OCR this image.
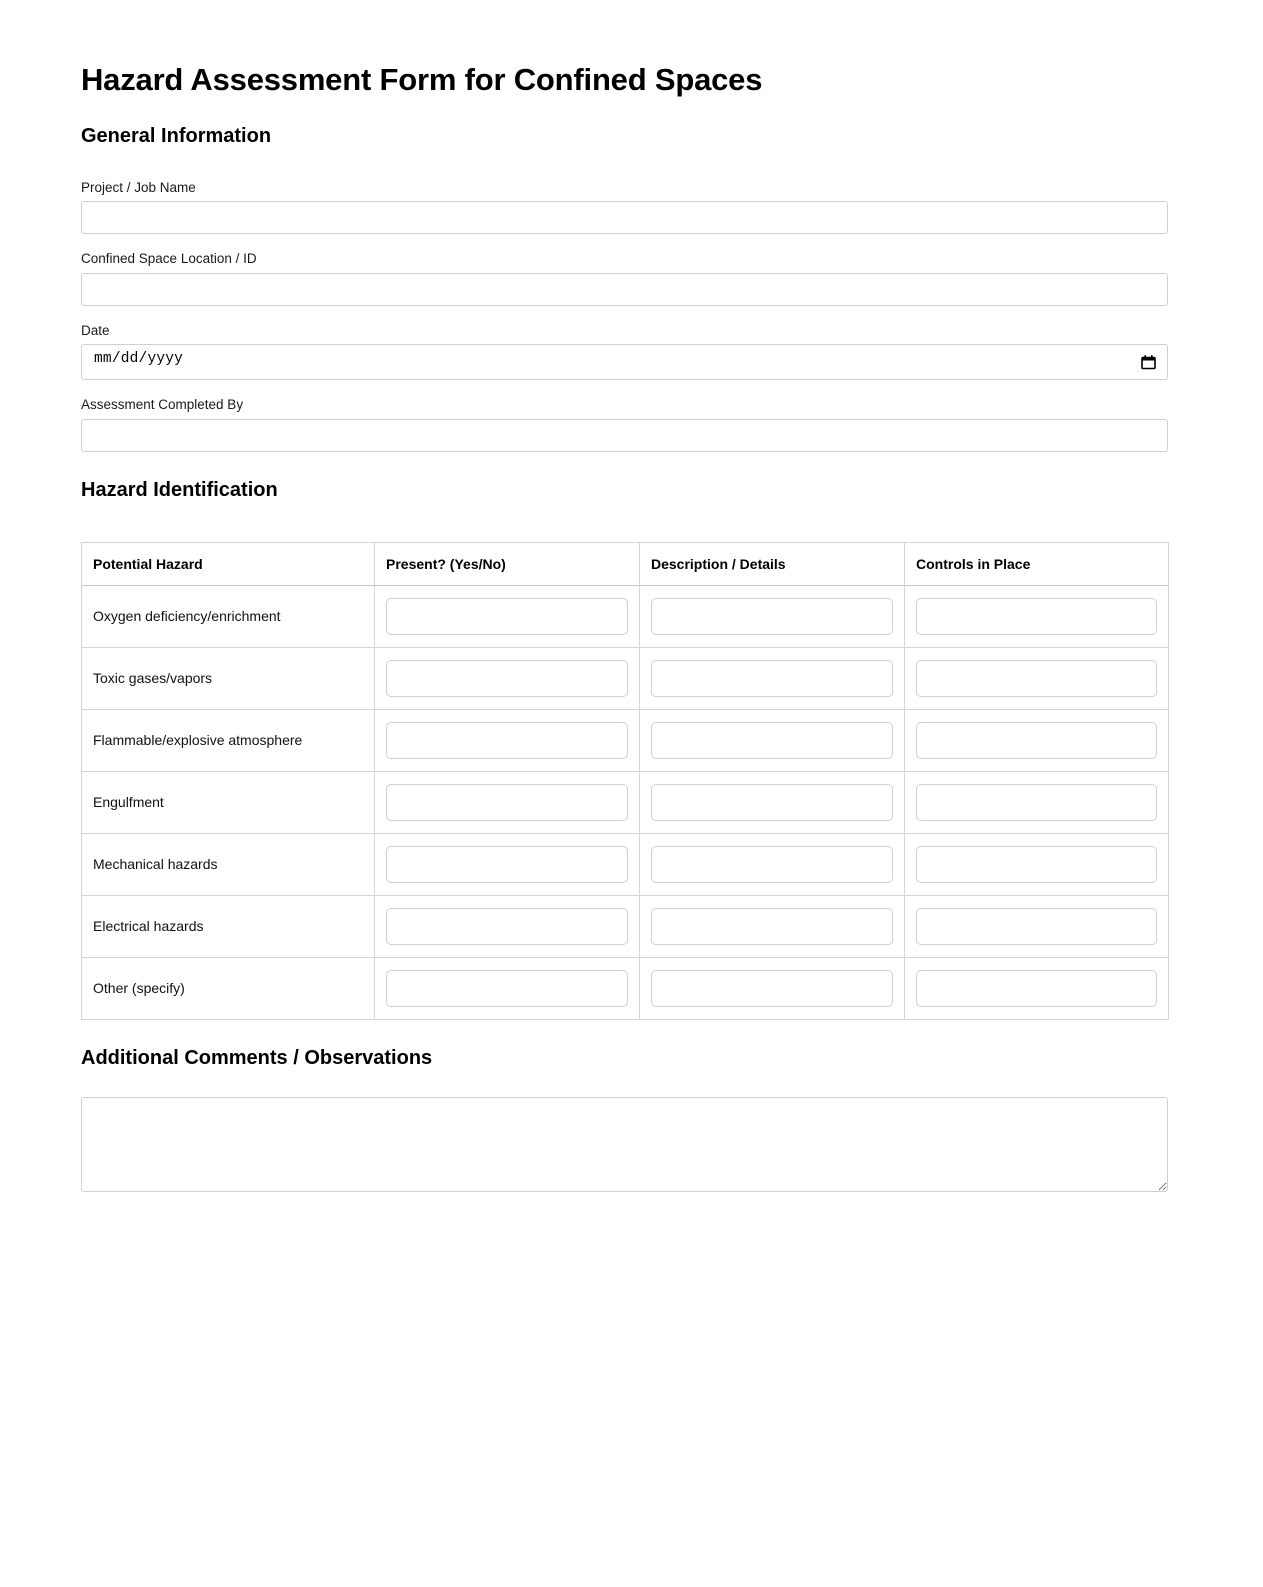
Hazard Assessment Form for Confined Spaces
General Information
Project / Job Name
Confined Space Location / ID
Date
mm / dd / yyyy
Assessment Completed By
Hazard Identification
Potential Hazard	Present? (Yes/No)	Description / Details	Controls in Place
Oxygen deficiency/enrichment	

Toxic gases/vapors	

Flammable/explosive atmosphere	

Engulfment	

Mechanical hazards	

Electrical hazards	

Other (specify)	

Additional Comments / Observations
